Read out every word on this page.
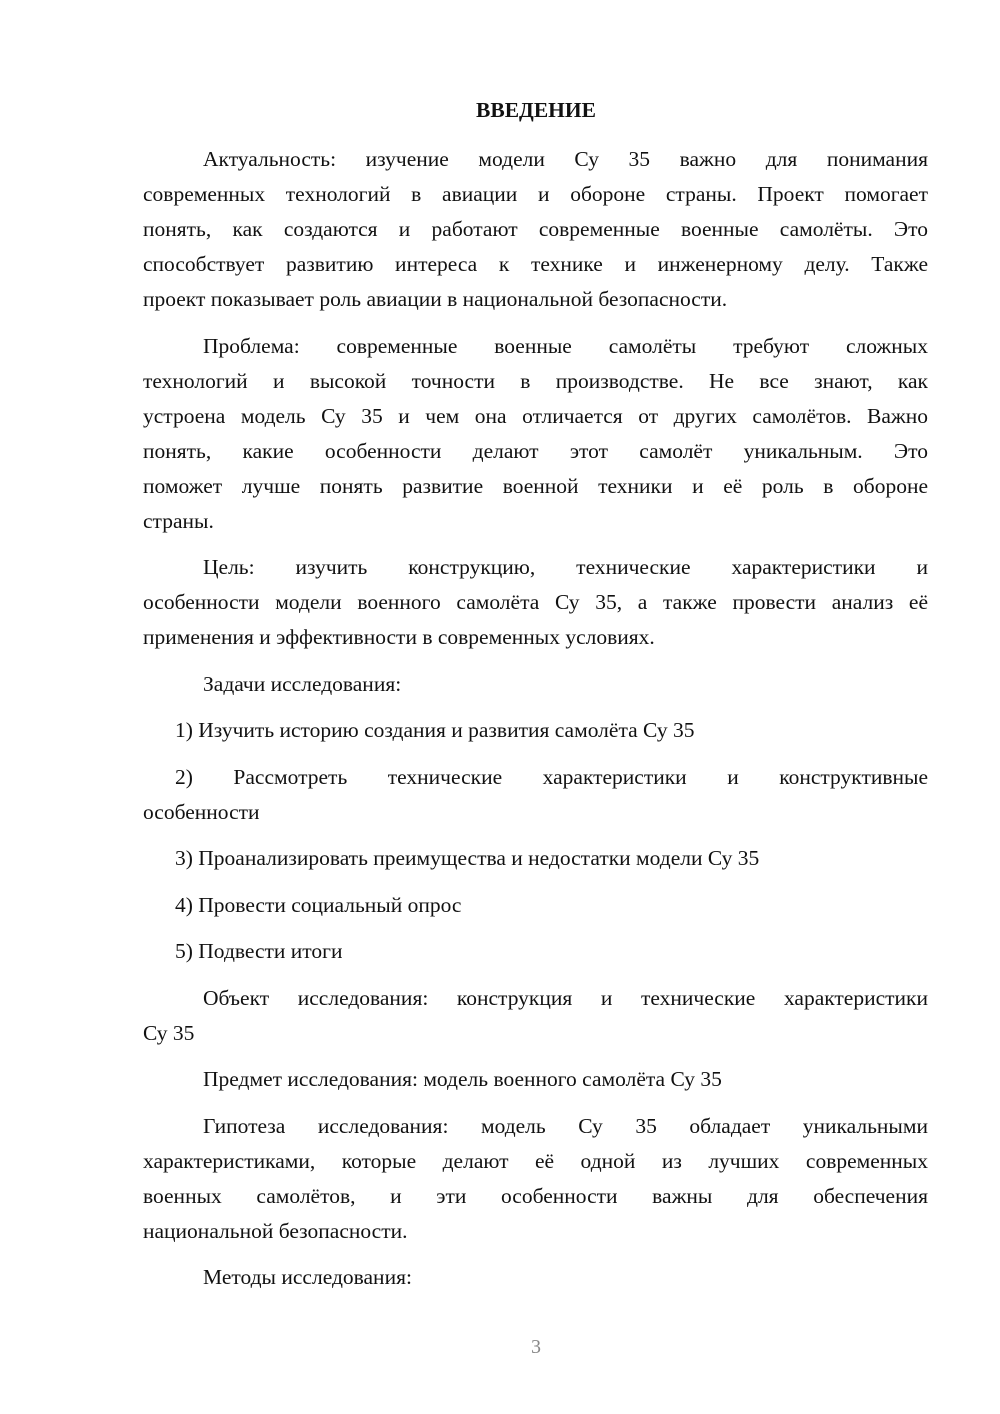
ВВЕДЕНИЕ
Актуальность: изучение модели Су 35 важно для понимания
современных технологий в авиации и обороне страны. Проект помогает
понять, как создаются и работают современные военные самолёты. Это
способствует развитию интереса к технике и инженерному делу. Также
проект показывает роль авиации в национальной безопасности.
Проблема: современные военные самолёты требуют сложных
технологий и высокой точности в производстве. Не все знают, как
устроена модель Су 35 и чем она отличается от других самолётов. Важно
понять, какие особенности делают этот самолёт уникальным. Это
поможет лучше понять развитие военной техники и её роль в обороне
страны.
Цель: изучить конструкцию, технические характеристики и
особенности модели военного самолёта Су 35, а также провести анализ её
применения и эффективности в современных условиях.
Задачи исследования:
1) Изучить историю создания и развития самолёта Су 35
2) Рассмотреть технические характеристики и конструктивные
особенности
3) Проанализировать преимущества и недостатки модели Су 35
4) Провести социальный опрос
5) Подвести итоги
Объект исследования: конструкция и технические характеристики
Су 35
Предмет исследования: модель военного самолёта Су 35
Гипотеза исследования: модель Су 35 обладает уникальными
характеристиками, которые делают её одной из лучших современных
военных самолётов, и эти особенности важны для обеспечения
национальной безопасности.
Методы исследования:
3
